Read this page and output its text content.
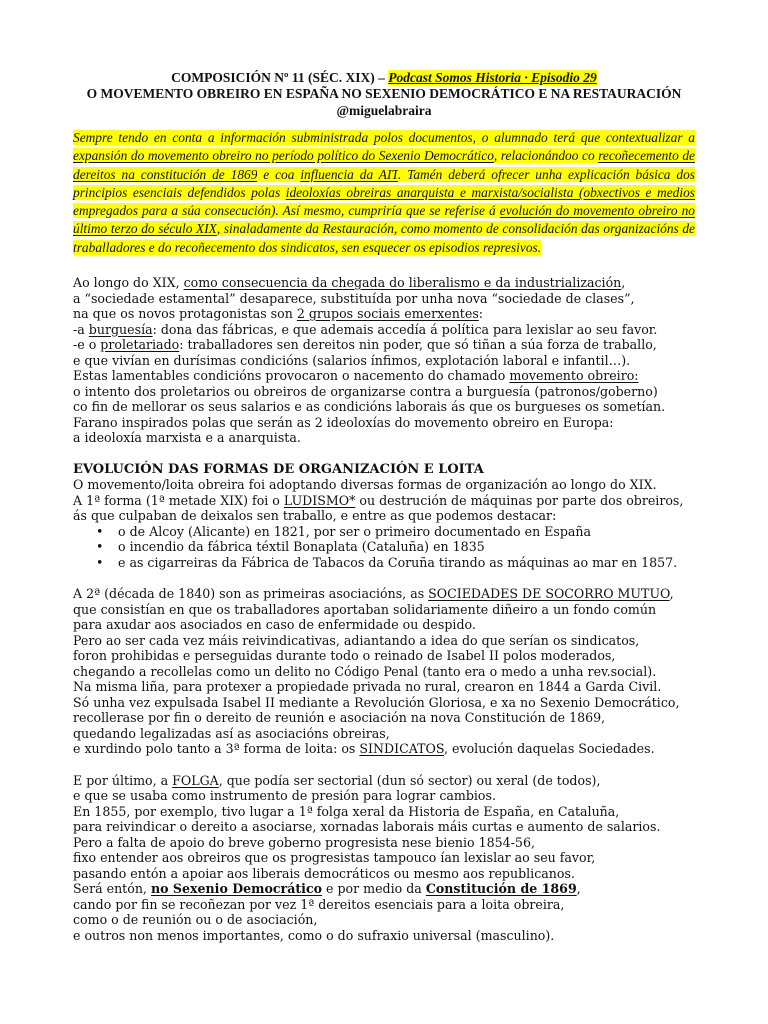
COMPOSICIÓN Nº 11 (SÉC. XIX) – Podcast Somos Historia · Episodio 29
O MOVEMENTO OBREIRO EN ESPAÑA NO SEXENIO DEMOCRÁTICO E NA RESTAURACIÓN
@miguelabraira
Sempre tendo en conta a información subministrada polos documentos, o alumnado terá que contextualizar a expansión do movemento obreiro no período político do Sexenio Democrático, relacionándoo co recoñecemento de dereitos na constitución de 1869 e coa influencia da AIT. Tamén deberá ofrecer unha explicación básica dos principios esenciais defendidos polas ideoloxías obreiras anarquista e marxista/socialista (obxectivos e medios empregados para a súa consecución). Así mesmo, cumpriría que se referise á evolución do movemento obreiro no último terzo do século XIX, sinaladamente da Restauración, como momento de consolidación das organizacións de traballadores e do recoñecemento dos sindicatos, sen esquecer os episodios represivos.
Ao longo do XIX, como consecuencia da chegada do liberalismo e da industrialización,
a “sociedade estamental” desaparece, substituída por unha nova “sociedade de clases”,
na que os novos protagonistas son 2 grupos sociais emerxentes:
-a burguesía: dona das fábricas, e que ademais accedía á política para lexislar ao seu favor.
-e o proletariado: traballadores sen dereitos nin poder, que só tiñan a súa forza de traballo,
e que vivían en durísimas condicións (salarios ínfimos, explotación laboral e infantil…).
Estas lamentables condicións provocaron o nacemento do chamado movemento obreiro:
o intento dos proletarios ou obreiros de organizarse contra a burguesía (patronos/goberno)
co fin de mellorar os seus salarios e as condicións laborais ás que os burgueses os sometían.
Farano inspirados polas que serán as 2 ideoloxías do movemento obreiro en Europa:
a ideoloxía marxista e a anarquista.
EVOLUCIÓN DAS FORMAS DE ORGANIZACIÓN E LOITA
O movemento/loita obreira foi adoptando diversas formas de organización ao longo do XIX.
A 1ª forma (1ª metade XIX) foi o LUDISMO* ou destrución de máquinas por parte dos obreiros,
ás que culpaban de deixalos sen traballo, e entre as que podemos destacar:
• o de Alcoy (Alicante) en 1821, por ser o primeiro documentado en España
• o incendio da fábrica téxtil Bonaplata (Cataluña) en 1835
• e as cigarreiras da Fábrica de Tabacos da Coruña tirando as máquinas ao mar en 1857.
A 2ª (década de 1840) son as primeiras asociacións, as SOCIEDADES DE SOCORRO MUTUO,
que consistían en que os traballadores aportaban solidariamente diñeiro a un fondo común
para axudar aos asociados en caso de enfermidade ou despido.
Pero ao ser cada vez máis reivindicativas, adiantando a idea do que serían os sindicatos,
foron prohibidas e perseguidas durante todo o reinado de Isabel II polos moderados,
chegando a recollelas como un delito no Código Penal (tanto era o medo a unha rev.social).
Na misma liña, para protexer a propiedade privada no rural, crearon en 1844 a Garda Civil.
Só unha vez expulsada Isabel II mediante a Revolución Gloriosa, e xa no Sexenio Democrático,
recollerase por fin o dereito de reunión e asociación na nova Constitución de 1869,
quedando legalizadas así as asociacións obreiras,
e xurdindo polo tanto a 3ª forma de loita: os SINDICATOS, evolución daquelas Sociedades.
E por último, a FOLGA, que podía ser sectorial (dun só sector) ou xeral (de todos),
e que se usaba como instrumento de presión para lograr cambios.
En 1855, por exemplo, tivo lugar a 1ª folga xeral da Historia de España, en Cataluña,
para reivindicar o dereito a asociarse, xornadas laborais máis curtas e aumento de salarios.
Pero a falta de apoio do breve goberno progresista nese bienio 1854-56,
fixo entender aos obreiros que os progresistas tampouco ían lexislar ao seu favor,
pasando entón a apoiar aos liberais democráticos ou mesmo aos republicanos.
Será entón, no Sexenio Democrático e por medio da Constitución de 1869,
cando por fin se recoñezan por vez 1ª dereitos esenciais para a loita obreira,
como o de reunión ou o de asociación,
e outros non menos importantes, como o do sufraxio universal (masculino).
